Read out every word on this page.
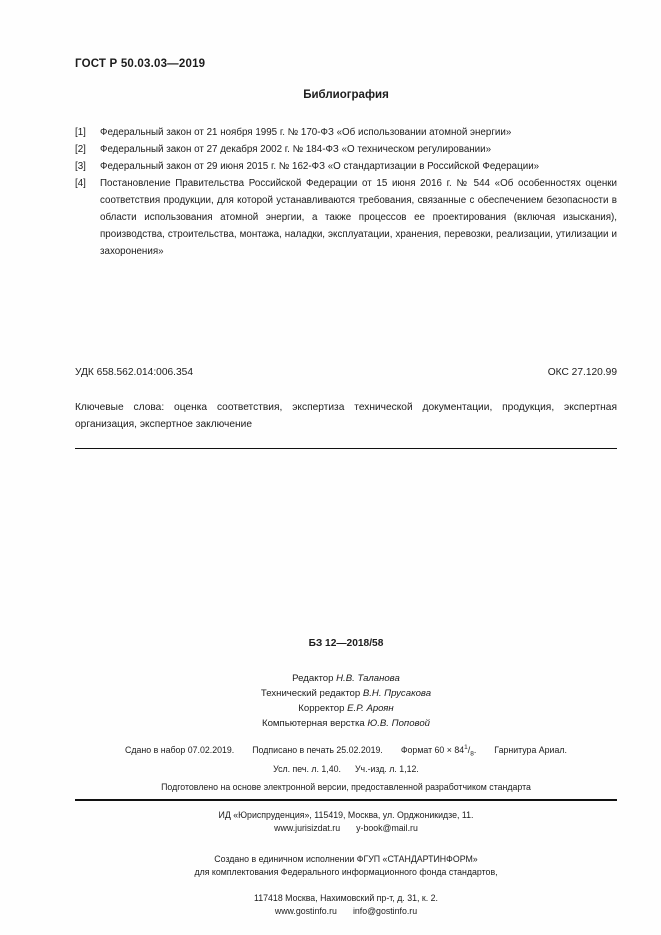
ГОСТ Р 50.03.03—2019
Библиография
[1]	Федеральный закон от 21 ноября 1995 г. № 170-ФЗ «Об использовании атомной энергии»
[2]	Федеральный закон от 27 декабря 2002 г. № 184-ФЗ «О техническом регулировании»
[3]	Федеральный закон от 29 июня 2015 г. № 162-ФЗ «О стандартизации в Российской Федерации»
[4]	Постановление Правительства Российской Федерации от 15 июня 2016 г. № 544 «Об особенностях оценки соответствия продукции, для которой устанавливаются требования, связанные с обеспечением безопасности в области использования атомной энергии, а также процессов ее проектирования (включая изыскания), производства, строительства, монтажа, наладки, эксплуатации, хранения, перевозки, реализации, утилизации и захоронения»
УДК 658.562.014:006.354	ОКС 27.120.99
Ключевые слова: оценка соответствия, экспертиза технической документации, продукция, экспертная организация, экспертное заключение
БЗ 12—2018/58
Редактор Н.В. Таланова
Технический редактор В.Н. Прусакова
Корректор Е.Р. Ароян
Компьютерная верстка Ю.В. Поповой
Сдано в набор 07.02.2019. Подписано в печать 25.02.2019. Формат $60 \times 84^1/_8$. Гарнитура Ариал.
Усл. печ. л. 1,40. Уч.-изд. л. 1,12.
Подготовлено на основе электронной версии, предоставленной разработчиком стандарта
ИД «Юриспруденция», 115419, Москва, ул. Орджоникидзе, 11.
www.jurisizdat.ru y-book@mail.ru
Создано в единичном исполнении ФГУП «СТАНДАРТИНФОРМ»
для комплектования Федерального информационного фонда стандартов,
117418 Москва, Нахимовский пр-т, д. 31, к. 2.
www.gostinfo.ru info@gostinfo.ru
